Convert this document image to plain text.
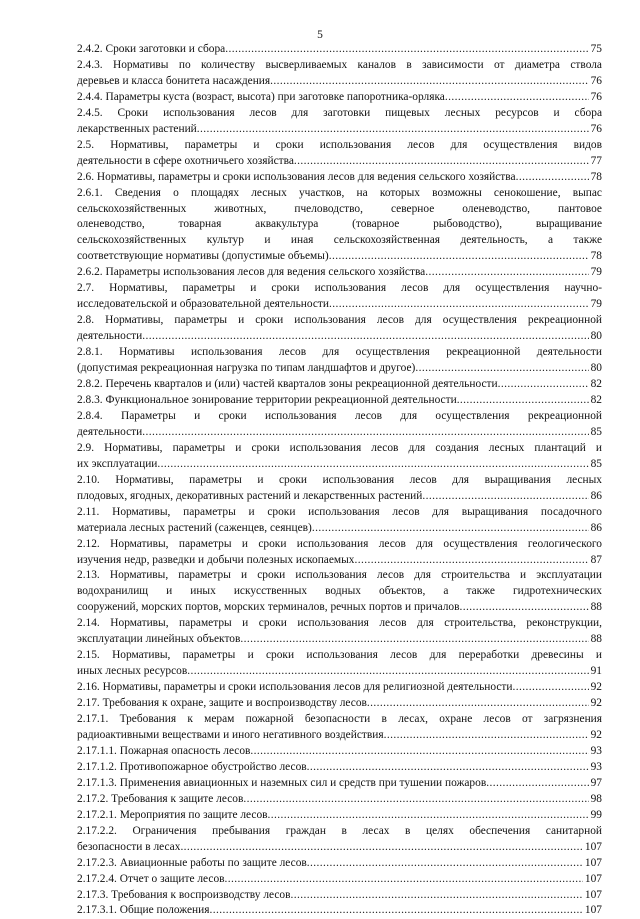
5
2.4.2. Сроки заготовки и сбора .....	75
2.4.3. Нормативы по количеству высверливаемых каналов в зависимости от диаметра ствола
деревьев и класса бонитета насаждения .....	76
2.4.4. Параметры куста (возраст, высота) при заготовке папоротника-орляка .....	76
2.4.5. Сроки использования лесов для заготовки пищевых лесных ресурсов и сбора
лекарственных растений .....	76
2.5. Нормативы, параметры и сроки использования лесов для осуществления видов
деятельности в сфере охотничьего хозяйства .....	77
2.6. Нормативы, параметры и сроки использования лесов для ведения сельского хозяйства .....	78
2.6.1. Сведения о площадях лесных участков, на которых возможны сенокошение, выпас
сельскохозяйственных животных, пчеловодство, северное оленеводство, пантовое
оленеводство, товарная аквакультура (товарное рыбоводство), выращивание
сельскохозяйственных культур и иная сельскохозяйственная деятельность, а также
соответствующие нормативы (допустимые объемы) .....	78
2.6.2. Параметры использования лесов для ведения сельского хозяйства .....	79
2.7. Нормативы, параметры и сроки использования лесов для осуществления научно-
исследовательской и образовательной деятельности .....	79
2.8. Нормативы, параметры и сроки использования лесов для осуществления рекреационной
деятельности .....	80
2.8.1. Нормативы использования лесов для осуществления рекреационной деятельности
(допустимая рекреационная нагрузка по типам ландшафтов и другое) .....	80
2.8.2. Перечень кварталов и (или) частей кварталов зоны рекреационной деятельности .....	82
2.8.3. Функциональное зонирование территории рекреационной деятельности .....	82
2.8.4. Параметры и сроки использования лесов для осуществления рекреационной
деятельности .....	85
2.9. Нормативы, параметры и сроки использования лесов для создания лесных плантаций и
их эксплуатации .....	85
2.10. Нормативы, параметры и сроки использования лесов для выращивания лесных
плодовых, ягодных, декоративных растений и лекарственных растений .....	86
2.11. Нормативы, параметры и сроки использования лесов для выращивания посадочного
материала лесных растений (саженцев, сеянцев) .....	86
2.12. Нормативы, параметры и сроки использования лесов для осуществления геологического
изучения недр, разведки и добычи полезных ископаемых .....	87
2.13. Нормативы, параметры и сроки использования лесов для строительства и эксплуатации
водохранилищ и иных искусственных водных объектов, а также гидротехнических
сооружений, морских портов, морских терминалов, речных портов и причалов .....	88
2.14. Нормативы, параметры и сроки использования лесов для строительства, реконструкции,
эксплуатации линейных объектов .....	88
2.15. Нормативы, параметры и сроки использования лесов для переработки древесины и
иных лесных ресурсов .....	91
2.16. Нормативы, параметры и сроки использования лесов для религиозной деятельности .....	92
2.17. Требования к охране, защите и воспроизводству лесов .....	92
2.17.1. Требования к мерам пожарной безопасности в лесах, охране лесов от загрязнения
радиоактивными веществами и иного негативного воздействия .....	92
2.17.1.1. Пожарная опасность лесов .....	93
2.17.1.2. Противопожарное обустройство лесов .....	93
2.17.1.3. Применения авиационных и наземных сил и средств при тушении пожаров .....	97
2.17.2. Требования к защите лесов .....	98
2.17.2.1. Мероприятия по защите лесов .....	99
2.17.2.2. Ограничения пребывания граждан в лесах в целях обеспечения санитарной
безопасности в лесах .....	107
2.17.2.3. Авиационные работы по защите лесов .....	107
2.17.2.4. Отчет о защите лесов .....	107
2.17.3. Требования к воспроизводству лесов .....	107
2.17.3.1. Общие положения .....	107
